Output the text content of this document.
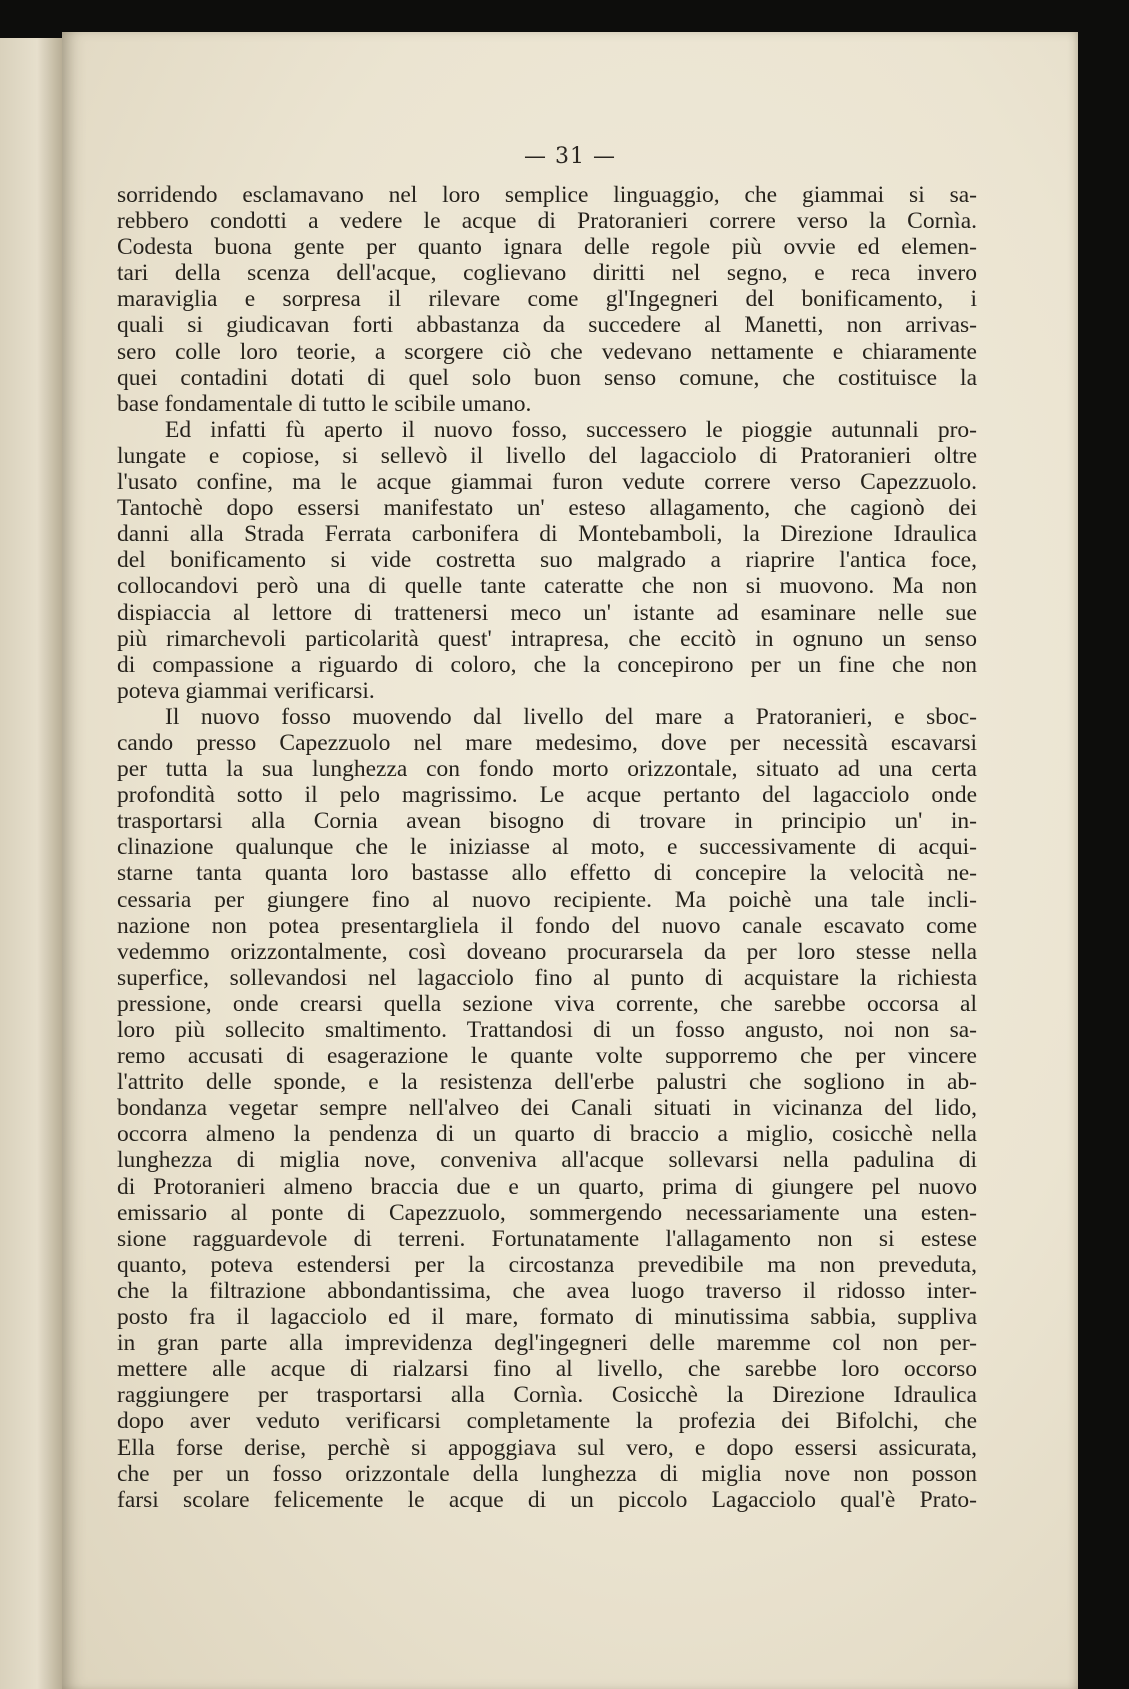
— 31 —
sorridendo esclamavano nel loro semplice linguaggio, che giammai si sa-
rebbero condotti a vedere le acque di Pratoranieri correre verso la Cornìa.
Codesta buona gente per quanto ignara delle regole più ovvie ed elemen-
tari della scenza dell'acque, coglievano diritti nel segno, e reca invero
maraviglia e sorpresa il rilevare come gl'Ingegneri del bonificamento, i
quali si giudicavan forti abbastanza da succedere al Manetti, non arrivas-
sero colle loro teorie, a scorgere ciò che vedevano nettamente e chiaramente
quei contadini dotati di quel solo buon senso comune, che costituisce la
base fondamentale di tutto le scibile umano.
Ed infatti fù aperto il nuovo fosso, successero le pioggie autunnali pro-
lungate e copiose, si sellevò il livello del lagacciolo di Pratoranieri oltre
l'usato confine, ma le acque giammai furon vedute correre verso Capezzuolo.
Tantochè dopo essersi manifestato un' esteso allagamento, che cagionò dei
danni alla Strada Ferrata carbonifera di Montebamboli, la Direzione Idraulica
del bonificamento si vide costretta suo malgrado a riaprire l'antica foce,
collocandovi però una di quelle tante cateratte che non si muovono. Ma non
dispiaccia al lettore di trattenersi meco un' istante ad esaminare nelle sue
più rimarchevoli particolarità quest' intrapresa, che eccitò in ognuno un senso
di compassione a riguardo di coloro, che la concepirono per un fine che non
poteva giammai verificarsi.
Il nuovo fosso muovendo dal livello del mare a Pratoranieri, e sboc-
cando presso Capezzuolo nel mare medesimo, dove per necessità escavarsi
per tutta la sua lunghezza con fondo morto orizzontale, situato ad una certa
profondità sotto il pelo magrissimo. Le acque pertanto del lagacciolo onde
trasportarsi alla Cornia avean bisogno di trovare in principio un' in-
clinazione qualunque che le iniziasse al moto, e successivamente di acqui-
starne tanta quanta loro bastasse allo effetto di concepire la velocità ne-
cessaria per giungere fino al nuovo recipiente. Ma poichè una tale incli-
nazione non potea presentargliela il fondo del nuovo canale escavato come
vedemmo orizzontalmente, così doveano procurarsela da per loro stesse nella
superfice, sollevandosi nel lagacciolo fino al punto di acquistare la richiesta
pressione, onde crearsi quella sezione viva corrente, che sarebbe occorsa al
loro più sollecito smaltimento. Trattandosi di un fosso angusto, noi non sa-
remo accusati di esagerazione le quante volte supporremo che per vincere
l'attrito delle sponde, e la resistenza dell'erbe palustri che sogliono in ab-
bondanza vegetar sempre nell'alveo dei Canali situati in vicinanza del lido,
occorra almeno la pendenza di un quarto di braccio a miglio, cosicchè nella
lunghezza di miglia nove, conveniva all'acque sollevarsi nella padulina di
di Protoranieri almeno braccia due e un quarto, prima di giungere pel nuovo
emissario al ponte di Capezzuolo, sommergendo necessariamente una esten-
sione ragguardevole di terreni. Fortunatamente l'allagamento non si estese
quanto, poteva estendersi per la circostanza prevedibile ma non preveduta,
che la filtrazione abbondantissima, che avea luogo traverso il ridosso inter-
posto fra il lagacciolo ed il mare, formato di minutissima sabbia, suppliva
in gran parte alla imprevidenza degl'ingegneri delle maremme col non per-
mettere alle acque di rialzarsi fino al livello, che sarebbe loro occorso
raggiungere per trasportarsi alla Cornìa. Cosicchè la Direzione Idraulica
dopo aver veduto verificarsi completamente la profezia dei Bifolchi, che
Ella forse derise, perchè si appoggiava sul vero, e dopo essersi assicurata,
che per un fosso orizzontale della lunghezza di miglia nove non posson
farsi scolare felicemente le acque di un piccolo Lagacciolo qual'è Prato-
